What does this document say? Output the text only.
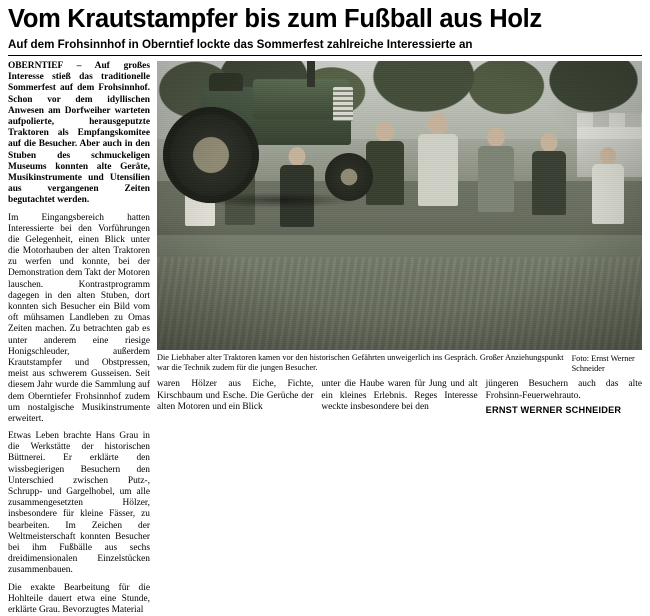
Vom Krautstampfer bis zum Fußball aus Holz
Auf dem Frohsinnhof in Oberntief lockte das Sommerfest zahlreiche Interessierte an

OBERNTIEF – Auf großes Interesse stieß das traditionelle Sommerfest auf dem Frohsinnhof. Schon vor dem idyllischen Anwesen am Dorfweiher warteten aufpolierte, herausgeputzte Traktoren als Empfangskomitee auf die Besucher. Aber auch in den Stuben des schmuckeligen Museums konnten alte Geräte, Musikinstrumente und Utensilien aus vergangenen Zeiten begutachtet werden.

Im Eingangsbereich hatten Interessierte bei den Vorführungen die Gelegenheit, einen Blick unter die Motorhauben der alten Traktoren zu werfen und konnte, bei der Demonstration dem Takt der Motoren lauschen. Kontrastprogramm dagegen in den alten Stuben, dort konnten sich Besucher ein Bild vom oft mühsamen Landleben zu Omas Zeiten machen. Zu betrachten gab es unter anderem eine riesige Honigschleuder, außerdem Krautstampfer und Obstpressen, meist aus schwerem Gusseisen. Seit diesem Jahr wurde die Sammlung auf dem Oberntiefer Frohsinnhof zudem um nostalgische Musikinstrumente erweitert.

Etwas Leben brachte Hans Grau in die Werkstätte der historischen Büttnerei. Er erklärte den wissbegierigen Besuchern den Unterschied zwischen Putz-, Schrupp- und Gargelhobel, um alle zusammengesetzten Hölzer, insbesondere für kleine Fässer, zu bearbeiten. Im Zeichen der Weltmeisterschaft konnten Besucher bei ihm Fußbälle aus sechs dreidimensionalen Einzelstücken zusammenbauen.

Die exakte Bearbeitung für die Hohlteile dauert etwa eine Stunde, erklärte Grau. Bevorzugtes Material

Die Liebhaber alter Traktoren kamen vor den historischen Gefährten unweigerlich ins Gespräch. Großer Anziehungspunkt war die Technik zudem für die jungen Besucher.
Foto: Ernst Werner Schneider

waren Hölzer aus Eiche, Fichte, Kirschbaum und Esche. Die Gerüche der alten Motoren und ein Blick

unter die Haube waren für Jung und alt ein kleines Erlebnis. Reges Interesse weckte insbesondere bei den

jüngeren Besuchern auch das alte Frohsinn-Feuerwehrauto.

ERNST WERNER SCHNEIDER
